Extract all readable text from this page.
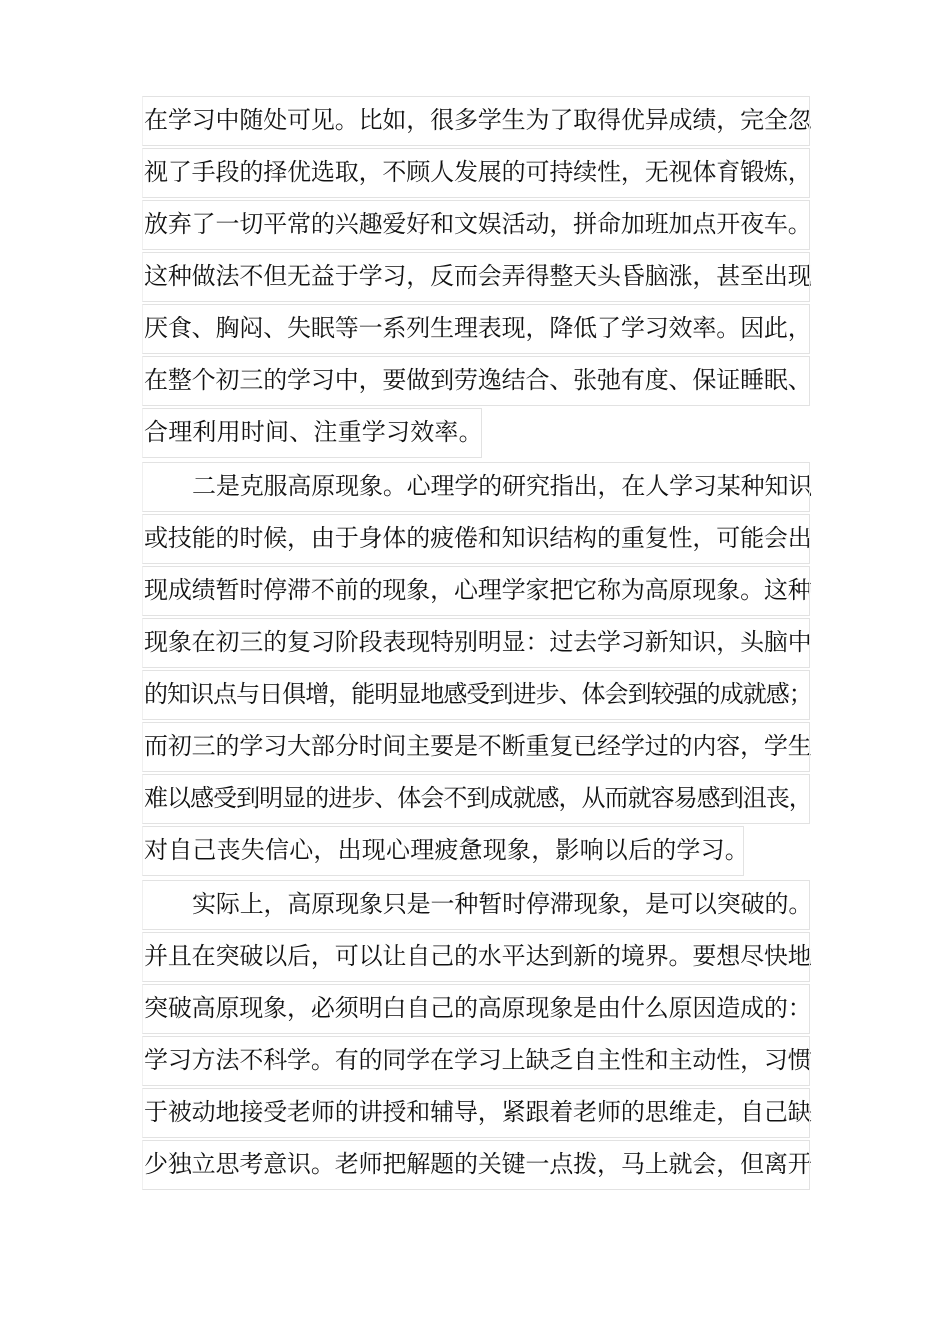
在学习中随处可见。比如，很多学生为了取得优异成绩，完全忽
视了手段的择优选取，不顾人发展的可持续性，无视体育锻炼，
放弃了一切平常的兴趣爱好和文娱活动，拼命加班加点开夜车。
这种做法不但无益于学习，反而会弄得整天头昏脑涨，甚至出现
厌食、胸闷、失眠等一系列生理表现，降低了学习效率。因此，
在整个初三的学习中，要做到劳逸结合、张弛有度、保证睡眠、
合理利用时间、注重学习效率。
二是克服高原现象。心理学的研究指出，在人学习某种知识
或技能的时候，由于身体的疲倦和知识结构的重复性，可能会出
现成绩暂时停滞不前的现象，心理学家把它称为高原现象。这种
现象在初三的复习阶段表现特别明显：过去学习新知识，头脑中
的知识点与日俱增，能明显地感受到进步、体会到较强的成就感；
而初三的学习大部分时间主要是不断重复已经学过的内容，学生
难以感受到明显的进步、体会不到成就感，从而就容易感到沮丧，
对自己丧失信心，出现心理疲惫现象，影响以后的学习。
实际上，高原现象只是一种暂时停滞现象，是可以突破的。
并且在突破以后，可以让自己的水平达到新的境界。要想尽快地
突破高原现象，必须明白自己的高原现象是由什么原因造成的：
学习方法不科学。有的同学在学习上缺乏自主性和主动性，习惯
于被动地接受老师的讲授和辅导，紧跟着老师的思维走，自己缺
少独立思考意识。老师把解题的关键一点拨，马上就会，但离开
